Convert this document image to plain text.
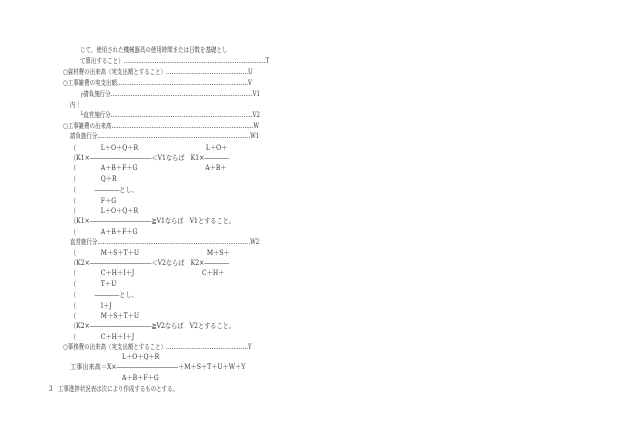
じて、使用された機械器具の使用時間または日数を基礎とし
て算出すること）……………………………………………………………………T
○資材費の出来高（実支出額とすること）………………………………………U
○工事雑費の実支出額………………………………………………………………V
┌請負施行分……………………………………………………………………V1
内｜
└直営施行分……………………………………………………………………V2
○工事雑費の出来高……………………………………………………………………W
請負施行分…………………………………………………………………………W1
（　　　　L＋O＋Q＋R　　　　　　　　　　　L＋O＋
（K1×――――――――――＜V1ならば　K1×――――
（　　　　A＋B＋F＋G　　　　　　　　　　　A＋B＋
（　　　　Q＋R
（　　　――――とし、
（　　　　F＋G
（　　　　L＋O＋Q＋R
（K1×――――――――――≧V1ならば　V1とすること。
（　　　　A＋B＋F＋G
直営施行分…………………………………………………………………………W2
（　　　　M＋S＋T＋U　　　　　　　　　　　M＋S＋
（K2×――――――――――＜V2ならば　K2×――――
（　　　　C＋H＋I＋J　　　　　　　　　　　C＋H＋
（　　　　T＋U
（　　　――――とし、
（　　　　I＋J
（　　　　M＋S＋T＋U
（K2×――――――――――≧V2ならば　V2とすること。
（　　　　C＋H＋I＋J
○事務費の出来高（実支出額とすること）………………………………………Y
L＋O＋Q＋R
工事出来高＝X×――――――――――＋M＋S＋T＋U＋W＋Y
A＋B＋F＋G
3　工事進捗状況表は次により作成するものとする。
